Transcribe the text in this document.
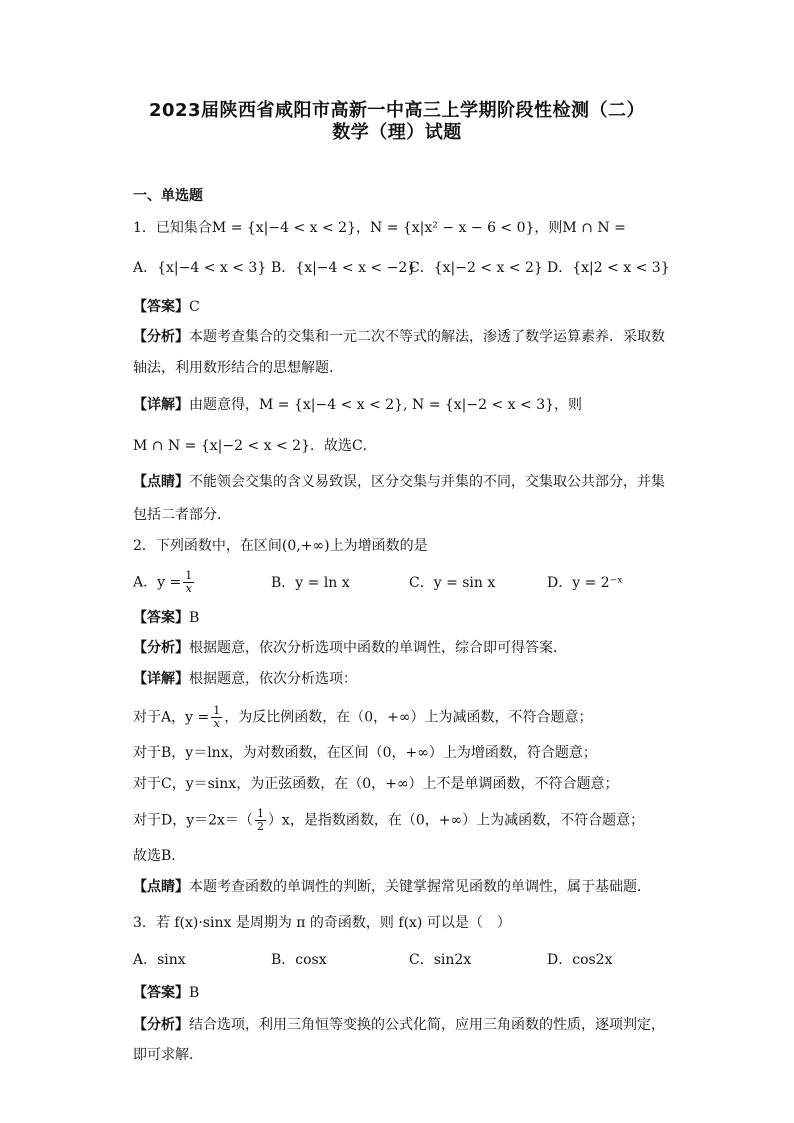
2023届陕西省咸阳市高新一中高三上学期阶段性检测（二）
数学（理）试题
一、单选题
1．已知集合M = {x|−4 < x < 2}，N = {x|x² − x − 6 < 0}，则M ∩ N =
A．{x|−4 < x < 3} B．{x|−4 < x < −2}C．{x|−2 < x < 2} D．{x|2 < x < 3}
【答案】C
【分析】本题考查集合的交集和一元二次不等式的解法，渗透了数学运算素养．采取数
轴法，利用数形结合的思想解题．
【详解】由题意得，M = {x|−4 < x < 2}, N = {x|−2 < x < 3}，则
M ∩ N = {x|−2 < x < 2}．故选C．
【点睛】不能领会交集的含义易致误，区分交集与并集的不同，交集取公共部分，并集
包括二者部分．
2．下列函数中，在区间(0,+∞)上为增函数的是
A．$y = \frac{1}{x}$	B．y = ln x	C．y = sin x	D．y = 2⁻ˣ
【答案】B
【分析】根据题意，依次分析选项中函数的单调性，综合即可得答案．
【详解】根据题意，依次分析选项：
对于A，$y = \frac{1}{x}$ ，为反比例函数，在（0，+∞）上为减函数，不符合题意；
对于B，y＝lnx，为对数函数，在区间（0，+∞）上为增函数，符合题意；
对于C，y＝sinx，为正弦函数，在（0，+∞）上不是单调函数，不符合题意；
对于D，$y=2x=( \frac{1}{2} )x$，是指数函数，在（0，+∞）上为减函数，不符合题意；
故选B．
【点睛】本题考查函数的单调性的判断，关键掌握常见函数的单调性，属于基础题．
3．若 f(x)·sinx 是周期为 π 的奇函数，则 f(x) 可以是（　）
A．sinx	B．cosx	C．sin2x	D．cos2x
【答案】B
【分析】结合选项，利用三角恒等变换的公式化简，应用三角函数的性质，逐项判定，
即可求解.
